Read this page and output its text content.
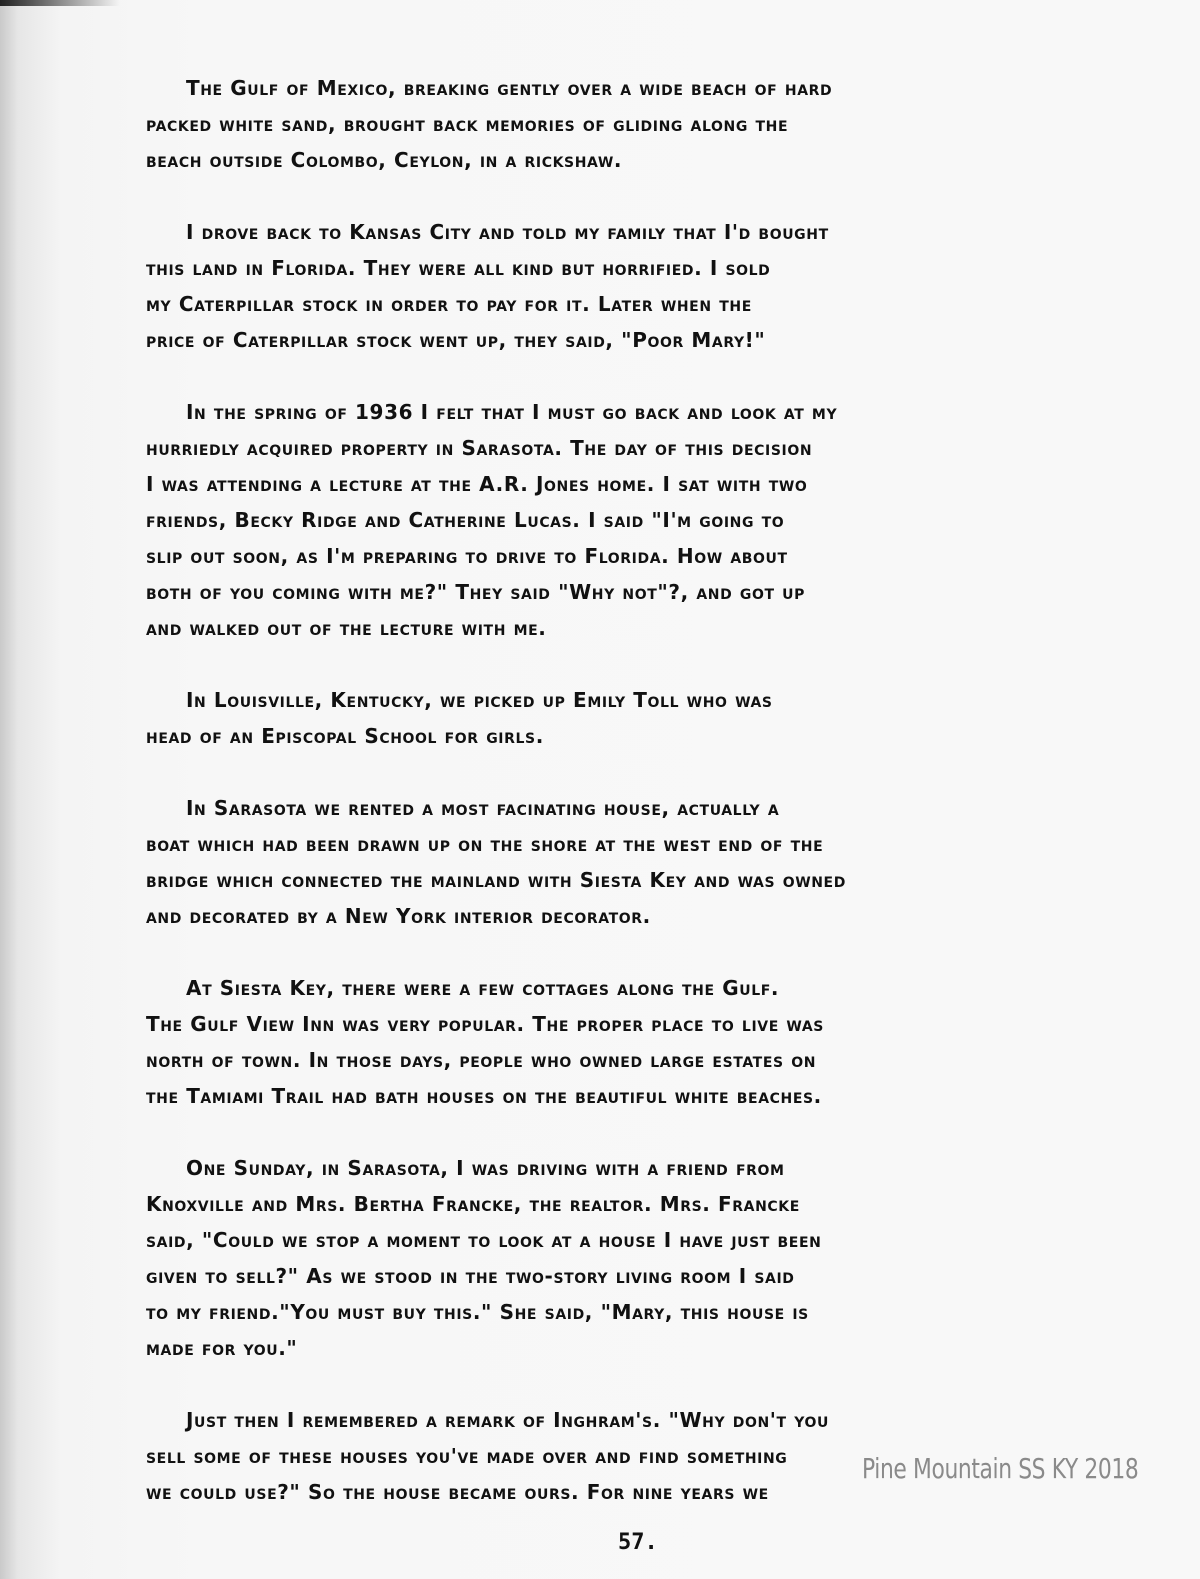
The Gulf of Mexico, breaking gently over a wide beach of hard
packed white sand, brought back memories of gliding along the
beach outside Colombo, Ceylon, in a rickshaw.

I drove back to Kansas City and told my family that I'd bought
this land in Florida. They were all kind but horrified. I sold
my Caterpillar stock in order to pay for it. Later when the
price of Caterpillar stock went up, they said, "Poor Mary!"

In the spring of 1936 I felt that I must go back and look at my
hurriedly acquired property in Sarasota. The day of this decision
I was attending a lecture at the A.R. Jones home. I sat with two
friends, Becky Ridge and Catherine Lucas. I said "I'm going to
slip out soon, as I'm preparing to drive to Florida. How about
both of you coming with me?" They said "Why not"?, and got up
and walked out of the lecture with me.

In Louisville, Kentucky, we picked up Emily Toll who was
head of an Episcopal School for girls.

In Sarasota we rented a most facinating house, actually a
boat which had been drawn up on the shore at the west end of the
bridge which connected the mainland with Siesta Key and was owned
and decorated by a New York interior decorator.

At Siesta Key, there were a few cottages along the Gulf.
The Gulf View Inn was very popular. The proper place to live was
north of town. In those days, people who owned large estates on
the Tamiami Trail had bath houses on the beautiful white beaches.

One Sunday, in Sarasota, I was driving with a friend from
Knoxville and Mrs. Bertha Francke, the realtor. Mrs. Francke
said, "Could we stop a moment to look at a house I have just been
given to sell?" As we stood in the two-story living room I said
to my friend."You must buy this." She said, "Mary, this house is
made for you."

Just then I remembered a remark of Inghram's. "Why don't you
sell some of these houses you've made over and find something
we could use?" So the house became ours. For nine years we

Pine Mountain SS KY 2018
57.
